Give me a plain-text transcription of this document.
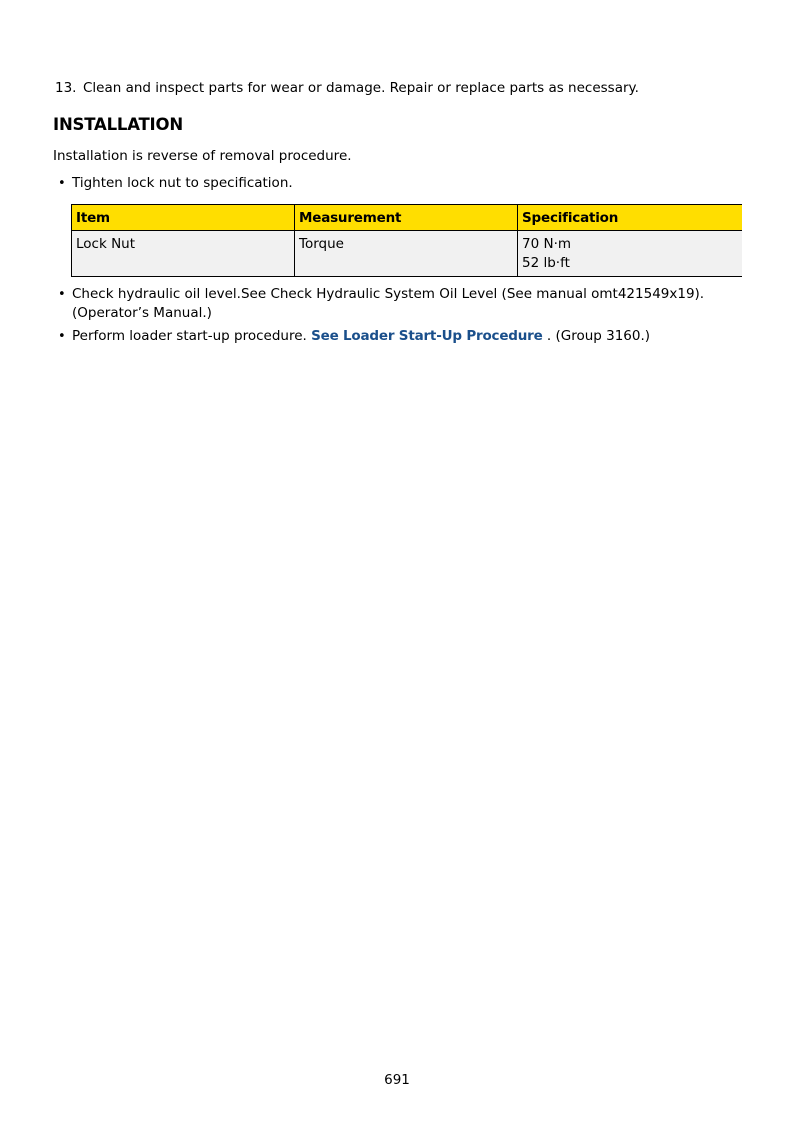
13. Clean and inspect parts for wear or damage. Repair or replace parts as necessary.
INSTALLATION
Installation is reverse of removal procedure.
• Tighten lock nut to specification.
Item	Measurement	Specification
Lock Nut	Torque	70 N·m
52 lb·ft
• Check hydraulic oil level.See Check Hydraulic System Oil Level (See manual omt421549x19). (Operator’s Manual.)
• Perform loader start-up procedure. See Loader Start-Up Procedure . (Group 3160.)
691
